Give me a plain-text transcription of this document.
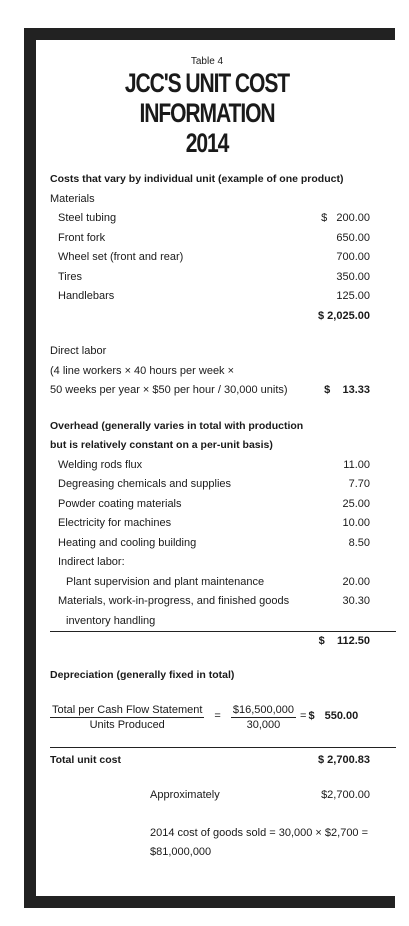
Table 4
JCC'S UNIT COST INFORMATION
2014
Costs that vary by individual unit (example of one product)
Materials
Steel tubing	$   200.00
Front fork	650.00
Wheel set (front and rear)	700.00
Tires	350.00
Handlebars	125.00
$ 2,025.00
Direct labor
(4 line workers × 40 hours per week ×
50 weeks per year × $50 per hour / 30,000 units)	$ 13.33
Overhead (generally varies in total with production
but is relatively constant on a per-unit basis)
Welding rods flux	11.00
Degreasing chemicals and supplies	7.70
Powder coating materials	25.00
Electricity for machines	10.00
Heating and cooling building	8.50
Indirect labor:
Plant supervision and plant maintenance	20.00
Materials, work-in-progress, and finished goods	30.30
inventory handling
$ 112.50
Depreciation (generally fixed in total)
$\frac{\text{Total per Cash Flow Statement}}{\text{Units Produced}} = \frac{\$16,500,000}{30,000}$ = $ 550.00
Total unit cost	$ 2,700.83
Approximately	$2,700.00
2014 cost of goods sold = 30,000 × $2,700 =
$81,000,000
